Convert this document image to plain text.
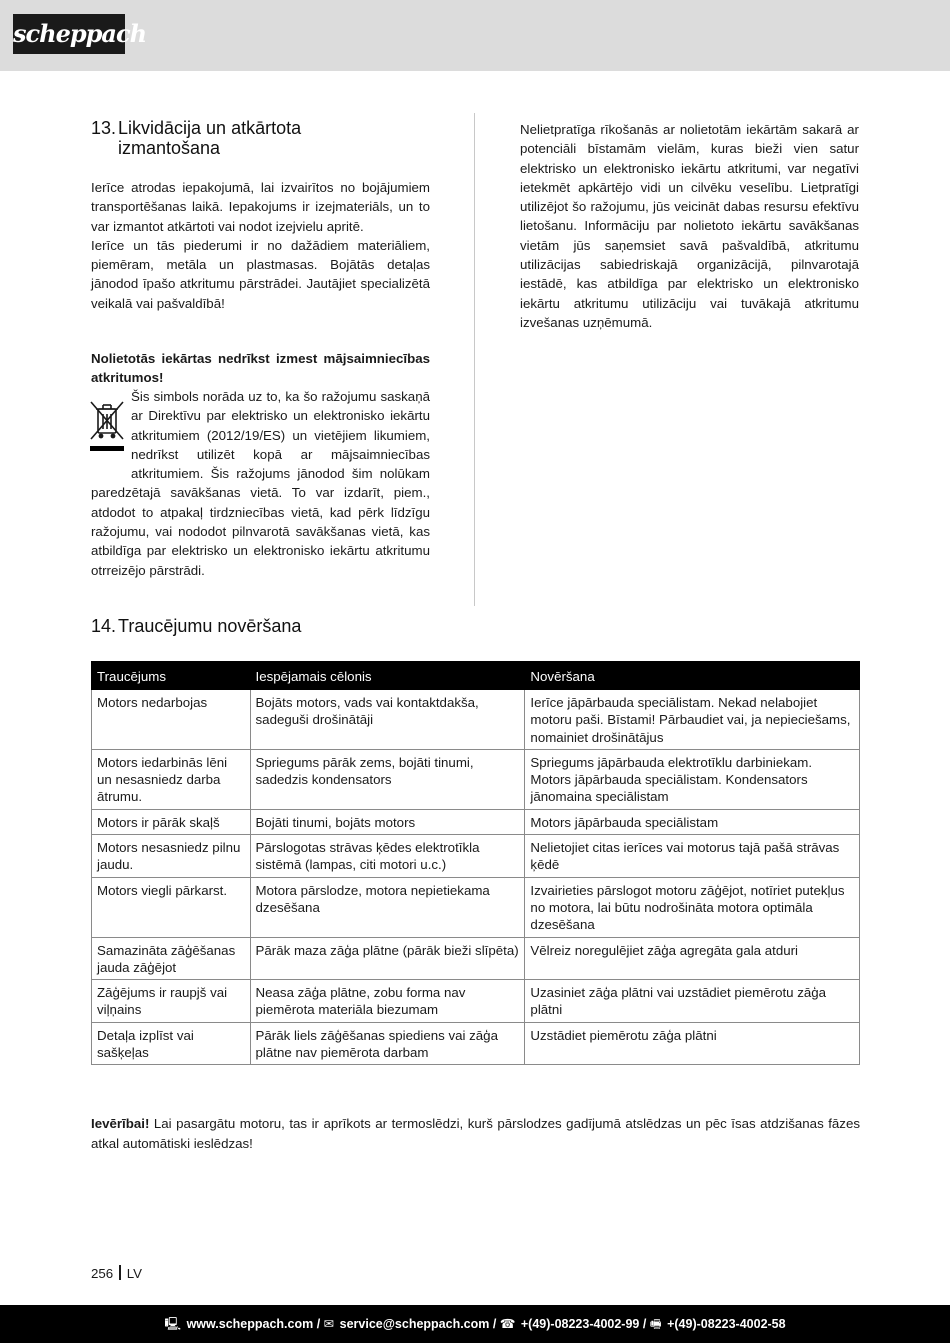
scheppach
13. Likvidācija un atkārtota
izmantošana

Ierīce atrodas iepakojumā, lai izvairītos no bojājumiem transportēšanas laikā. Iepakojums ir izejmateriāls, un to var izmantot atkārtoti vai nodot izejvielu apritē.

Ierīce un tās piederumi ir no dažādiem materiāliem, piemēram, metāla un plastmasas. Bojātās detaļas jānodod īpašo atkritumu pārstrādei. Jautājiet specializētā veikalā vai pašvaldībā!

Nolietotās iekārtas nedrīkst izmest mājsaimniecības atkritumos!
Šis simbols norāda uz to, ka šo ražojumu saskaņā ar Direktīvu par elektrisko un elektronisko iekārtu atkritumiem (2012/19/ES) un vietējiem likumiem, nedrīkst utilizēt kopā ar mājsaimniecības atkritumiem. Šis ražojums jānodod šim nolūkam paredzētajā savākšanas vietā. To var izdarīt, piem., atdodot to atpakaļ tirdzniecības vietā, kad pērk līdzīgu ražojumu, vai nododot pilnvarotā savākšanas vietā, kas atbildīga par elektrisko un elektronisko iekārtu atkritumu otrreizējo pārstrādi.
Nelietpratīga rīkošanās ar nolietotām iekārtām sakarā ar potenciāli bīstamām vielām, kuras bieži vien satur elektrisko un elektronisko iekārtu atkritumi, var negatīvi ietekmēt apkārtējo vidi un cilvēku veselību. Lietpratīgi utilizējot šo ražojumu, jūs veicināt dabas resursu efektīvu lietošanu. Informāciju par nolietoto iekārtu savākšanas vietām jūs saņemsiet savā pašvaldībā, atkritumu utilizācijas sabiedriskajā organizācijā, pilnvarotajā iestādē, kas atbildīga par elektrisko un elektronisko iekārtu atkritumu utilizāciju vai tuvākajā atkritumu izvešanas uzņēmumā.
14. Traucējumu novēršana
Traucējums	Iespējamais cēlonis	Novēršana
Motors nedarbojas	Bojāts motors, vads vai kontaktdakša, sadeguši drošinātāji	Ierīce jāpārbauda speciālistam. Nekad nelabojiet motoru paši. Bīstami! Pārbaudiet vai, ja nepieciešams, nomainiet drošinātājus
Motors iedarbinās lēni un nesasniedz darba ātrumu.	Spriegums pārāk zems, bojāti tinumi, sadedzis kondensators	Spriegums jāpārbauda elektrotīklu darbiniekam. Motors jāpārbauda speciālistam. Kondensators jānomaina speciālistam
Motors ir pārāk skaļš	Bojāti tinumi, bojāts motors	Motors jāpārbauda speciālistam
Motors nesasniedz pilnu jaudu.	Pārslogotas strāvas ķēdes elektrotīkla sistēmā (lampas, citi motori u.c.)	Nelietojiet citas ierīces vai motorus tajā pašā strāvas ķēdē
Motors viegli pārkarst.	Motora pārslodze, motora nepietiekama dzesēšana	Izvairieties pārslogot motoru zāģējot, notīriet putekļus no motora, lai būtu nodrošināta motora optimāla dzesēšana
Samazināta zāģēšanas jauda zāģējot	Pārāk maza zāģa plātne (pārāk bieži slīpēta)	Vēlreiz noregulējiet zāģa agregāta gala atduri
Zāģējums ir raupjš vai viļņains	Neasa zāģa plātne, zobu forma nav piemērota materiāla biezumam	Uzasiniet zāģa plātni vai uzstādiet piemērotu zāģa plātni
Detaļa izplīst vai sašķeļas	Pārāk liels zāģēšanas spiediens vai zāģa plātne nav piemērota darbam	Uzstādiet piemērotu zāģa plātni
Ievērībai! Lai pasargātu motoru, tas ir aprīkots ar termoslēdzi, kurš pārslodzes gadījumā atslēdzas un pēc īsas atdzišanas fāzes atkal automātiski ieslēdzas!
256 LV
🖳 www.scheppach.com / ✉ service@scheppach.com / ☎ +(49)-08223-4002-99 / 🖷 +(49)-08223-4002-58
